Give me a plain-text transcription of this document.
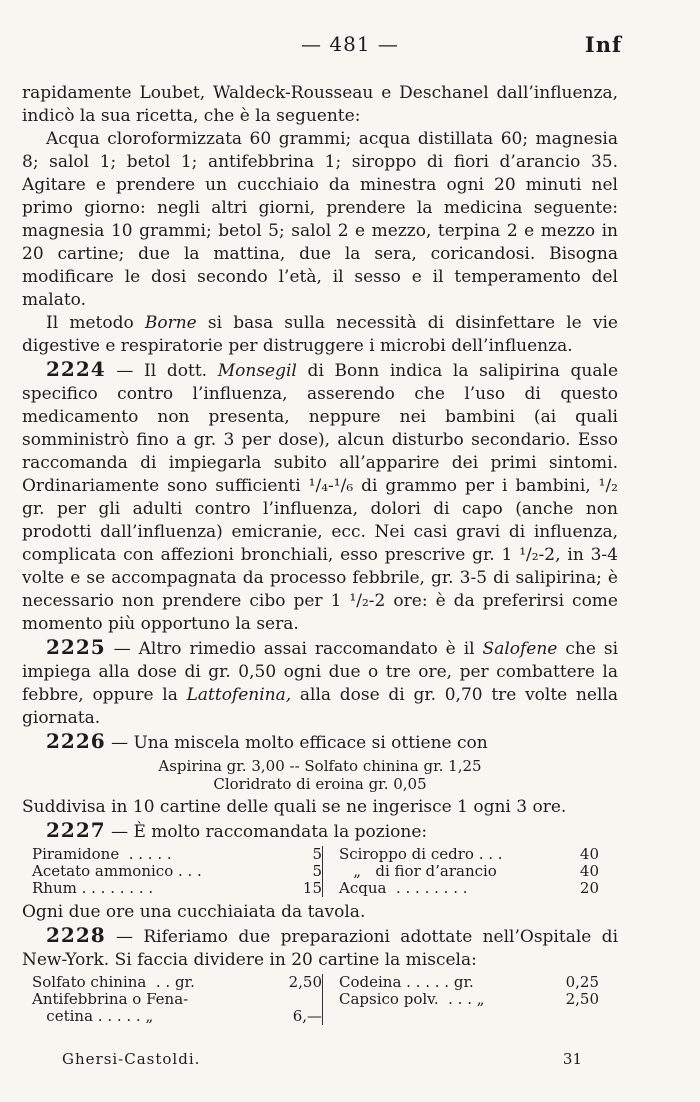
— 481 —	Inf

rapidamente Loubet, Waldeck-Rousseau e Deschanel dall’influenza, indicò la sua ricetta, che è la seguente:

Acqua cloroformizzata 60 grammi; acqua distillata 60; magnesia 8; salol 1; betol 1; antifebbrina 1; siroppo di fiori d’arancio 35. Agitare e prendere un cucchiaio da minestra ogni 20 minuti nel primo giorno: negli altri giorni, prendere la medicina seguente: magnesia 10 grammi; betol 5; salol 2 e mezzo, terpina 2 e mezzo in 20 cartine; due la mattina, due la sera, coricandosi. Bisogna modificare le dosi secondo l’età, il sesso e il temperamento del malato.

Il metodo Borne si basa sulla necessità di disinfettare le vie digestive e respiratorie per distruggere i microbi dell’influenza.

2224 — Il dott. Monsegil di Bonn indica la salipirina quale specifico contro l’influenza, asserendo che l’uso di questo medicamento non presenta, neppure nei bambini (ai quali somministrò fino a gr. 3 per dose), alcun disturbo secondario. Esso raccomanda di impiegarla subito all’apparire dei primi sintomi. Ordinariamente sono sufficienti ¹/₄-¹/₆ di grammo per i bambini, ¹/₂ gr. per gli adulti contro l’influenza, dolori di capo (anche non prodotti dall’influenza) emicranie, ecc. Nei casi gravi di influenza, complicata con affezioni bronchiali, esso prescrive gr. 1 ¹/₂-2, in 3-4 volte e se accompagnata da processo febbrile, gr. 3-5 di salipirina; è necessario non prendere cibo per 1 ¹/₂-2 ore: è da preferirsi come momento più opportuno la sera.

2225 — Altro rimedio assai raccomandato è il Salofene che si impiega alla dose di gr. 0,50 ogni due o tre ore, per combattere la febbre, oppure la Lattofenina, alla dose di gr. 0,70 tre volte nella giornata.

2226 — Una miscela molto efficace si ottiene con

Aspirina gr. 3,00 -- Solfato chinina gr. 1,25
Cloridrato di eroina gr. 0,05

Suddivisa in 10 cartine delle quali se ne ingerisce 1 ogni 3 ore.

2227 — È molto raccomandata la pozione:

Piramidone  . . . . .	5
Acetato ammonico . . .	5
Rhum . . . . . . . .	15
Sciroppo di cedro . . .	40
„   di fior d’arancio	40
Acqua  . . . . . . . .	20

Ogni due ore una cucchiaiata da tavola.

2228 — Riferiamo due preparazioni adottate nell’Ospitale di New-York. Si faccia dividere in 20 cartine la miscela:

Solfato chinina  . . gr.	2,50
Antifebbrina o Fena-
cetina . . . . . „	6,—
Codeina . . . . . gr.	0,25
Capsico polv.  . . . „	2,50
Ghersi-Castoldi.	31
